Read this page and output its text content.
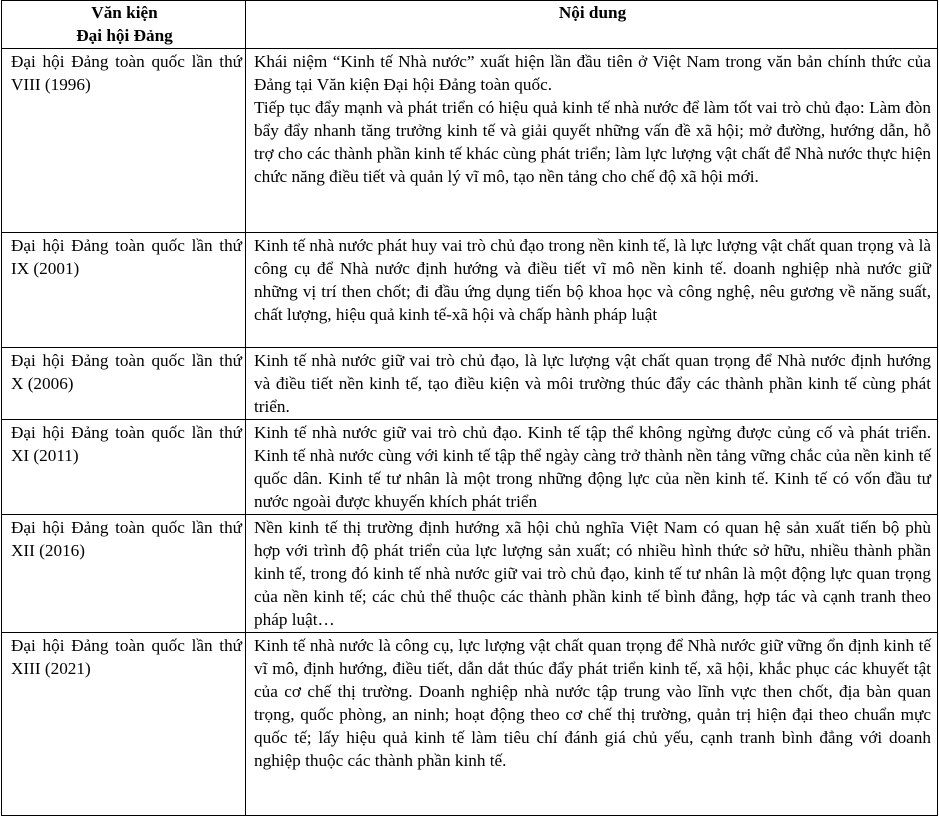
Văn kiện
Đại hội Đảng	Nội dung
Đại hội Đảng toàn quốc lần thứ VIII (1996)	Khái niệm “Kinh tế Nhà nước” xuất hiện lần đầu tiên ở Việt Nam trong văn bản chính thức của Đảng tại Văn kiện Đại hội Đảng toàn quốc.

Tiếp tục đẩy mạnh và phát triển có hiệu quả kinh tế nhà nước để làm tốt vai trò chủ đạo: Làm đòn bẩy đẩy nhanh tăng trưởng kinh tế và giải quyết những vấn đề xã hội; mở đường, hướng dẫn, hỗ trợ cho các thành phần kinh tế khác cùng phát triển; làm lực lượng vật chất để Nhà nước thực hiện chức năng điều tiết và quản lý vĩ mô, tạo nền tảng cho chế độ xã hội mới.

Đại hội Đảng toàn quốc lần thứ IX (2001)	Kinh tế nhà nước phát huy vai trò chủ đạo trong nền kinh tế, là lực lượng vật chất quan trọng và là công cụ để Nhà nước định hướng và điều tiết vĩ mô nền kinh tế. doanh nghiệp nhà nước giữ những vị trí then chốt; đi đầu ứng dụng tiến bộ khoa học và công nghệ, nêu gương về năng suất, chất lượng, hiệu quả kinh tế-xã hội và chấp hành pháp luật

Đại hội Đảng toàn quốc lần thứ X (2006)	Kinh tế nhà nước giữ vai trò chủ đạo, là lực lượng vật chất quan trọng để Nhà nước định hướng và điều tiết nền kinh tế, tạo điều kiện và môi trường thúc đẩy các thành phần kinh tế cùng phát triển.

Đại hội Đảng toàn quốc lần thứ XI (2011)	Kinh tế nhà nước giữ vai trò chủ đạo. Kinh tế tập thể không ngừng được củng cố và phát triển. Kinh tế nhà nước cùng với kinh tế tập thể ngày càng trở thành nền tảng vững chắc của nền kinh tế quốc dân. Kinh tế tư nhân là một trong những động lực của nền kinh tế. Kinh tế có vốn đầu tư nước ngoài được khuyến khích phát triển

Đại hội Đảng toàn quốc lần thứ XII (2016)	Nền kinh tế thị trường định hướng xã hội chủ nghĩa Việt Nam có quan hệ sản xuất tiến bộ phù hợp với trình độ phát triển của lực lượng sản xuất; có nhiều hình thức sở hữu, nhiều thành phần kinh tế, trong đó kinh tế nhà nước giữ vai trò chủ đạo, kinh tế tư nhân là một động lực quan trọng của nền kinh tế; các chủ thể thuộc các thành phần kinh tế bình đẳng, hợp tác và cạnh tranh theo pháp luật…

Đại hội Đảng toàn quốc lần thứ XIII (2021)	Kinh tế nhà nước là công cụ, lực lượng vật chất quan trọng để Nhà nước giữ vững ổn định kinh tế vĩ mô, định hướng, điều tiết, dẫn dắt thúc đẩy phát triển kinh tế, xã hội, khắc phục các khuyết tật của cơ chế thị trường. Doanh nghiệp nhà nước tập trung vào lĩnh vực then chốt, địa bàn quan trọng, quốc phòng, an ninh; hoạt động theo cơ chế thị trường, quản trị hiện đại theo chuẩn mực quốc tế; lấy hiệu quả kinh tế làm tiêu chí đánh giá chủ yếu, cạnh tranh bình đẳng với doanh nghiệp thuộc các thành phần kinh tế.
